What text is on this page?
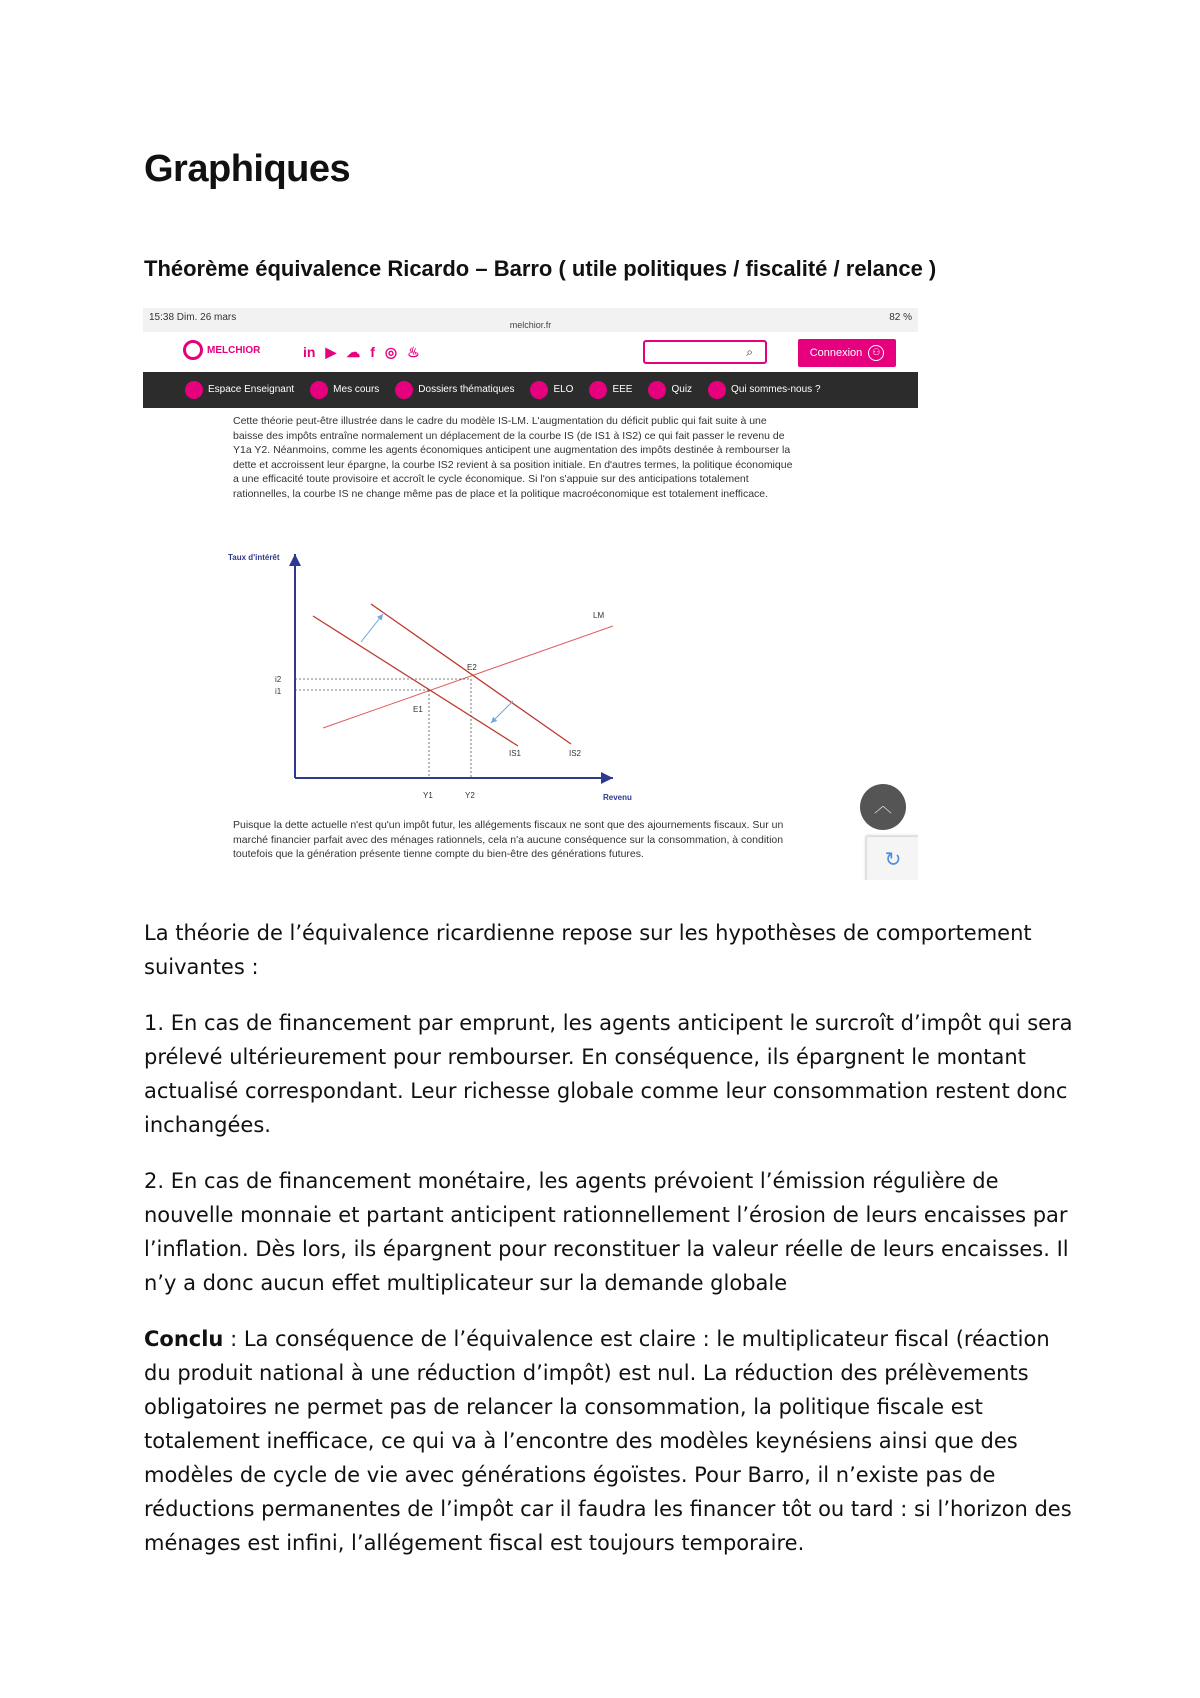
Graphiques
Théorème équivalence Ricardo – Barro ( utile politiques / fiscalité / relance )
15:38 Dim. 26 mars
melchior.fr
82 %
MELCHIOR	in ▶ ☁ f ◎ ♨	⌕	Connexion	⚇
Espace Enseignant	Mes cours	Dossiers thématiques	ELO	EEE	Quiz	Qui sommes-nous ?
Cette théorie peut-être illustrée dans le cadre du modèle IS-LM. L'augmentation du déficit public qui fait suite à une baisse des impôts entraîne normalement un déplacement de la courbe IS (de IS1 à IS2) ce qui fait passer le revenu de Y1a Y2. Néanmoins, comme les agents économiques anticipent une augmentation des impôts destinée à rembourser la dette et accroissent leur épargne, la courbe IS2 revient à sa position initiale. En d'autres termes, la politique économique a une efficacité toute provisoire et accroît le cycle économique. Si l'on s'appuie sur des anticipations totalement rationnelles, la courbe IS ne change même pas de place et la politique macroéconomique est totalement inefficace.
Taux d'intérêt
Revenu
LM
IS1	IS2
E2
E1
i2
i1
Y1	Y2
Puisque la dette actuelle n'est qu'un impôt futur, les allégements fiscaux ne sont que des ajournements fiscaux. Sur un marché financier parfait avec des ménages rationnels, cela n'a aucune conséquence sur la consommation, à condition toutefois que la génération présente tienne compte du bien-être des générations futures.
︿
↻

La théorie de l’équivalence ricardienne repose sur les hypothèses de comportement suivantes :

1. En cas de financement par emprunt, les agents anticipent le surcroît d’impôt qui sera prélevé ultérieurement pour rembourser. En conséquence, ils épargnent le montant actualisé correspondant. Leur richesse globale comme leur consommation restent donc inchangées.

2. En cas de financement monétaire, les agents prévoient l’émission régulière de nouvelle monnaie et partant anticipent rationnellement l’érosion de leurs encaisses par l’inflation. Dès lors, ils épargnent pour reconstituer la valeur réelle de leurs encaisses. Il n’y a donc aucun effet multiplicateur sur la demande globale

Conclu : La conséquence de l’équivalence est claire : le multiplicateur fiscal (réaction du produit national à une réduction d’impôt) est nul. La réduction des prélèvements obligatoires ne permet pas de relancer la consommation, la politique fiscale est totalement inefficace, ce qui va à l’encontre des modèles keynésiens ainsi que des modèles de cycle de vie avec générations égoïstes. Pour Barro, il n’existe pas de réductions permanentes de l’impôt car il faudra les financer tôt ou tard : si l’horizon des ménages est infini, l’allégement fiscal est toujours temporaire.
